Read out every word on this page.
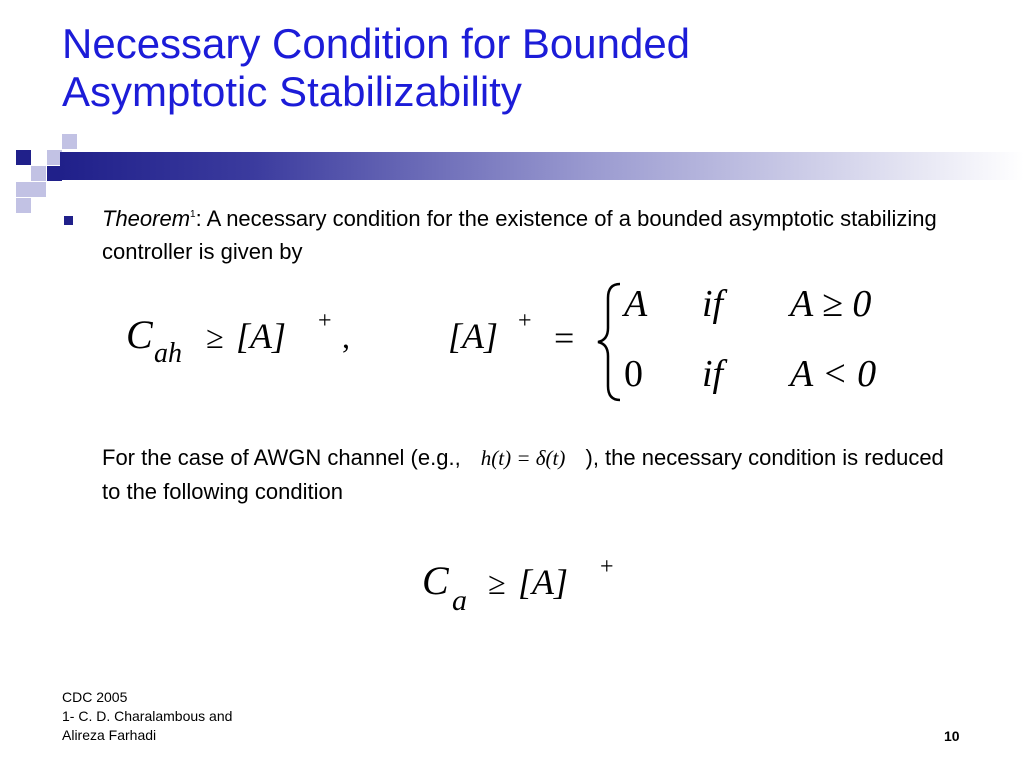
Necessary Condition for Bounded
Asymptotic Stabilizability
Theorem$^1$: A necessary condition for the existence of a bounded asymptotic stabilizing controller is given by
C ah ≥ [A] + ,	[A] + =
A if A ≥ 0
0 if A < 0
For the case of AWGN channel (e.g., h(t) = δ(t) ), the necessary condition is reduced to the following condition
C a ≥ [A] +
CDC 2005
1- C. D. Charalambous and
Alireza Farhadi	10
